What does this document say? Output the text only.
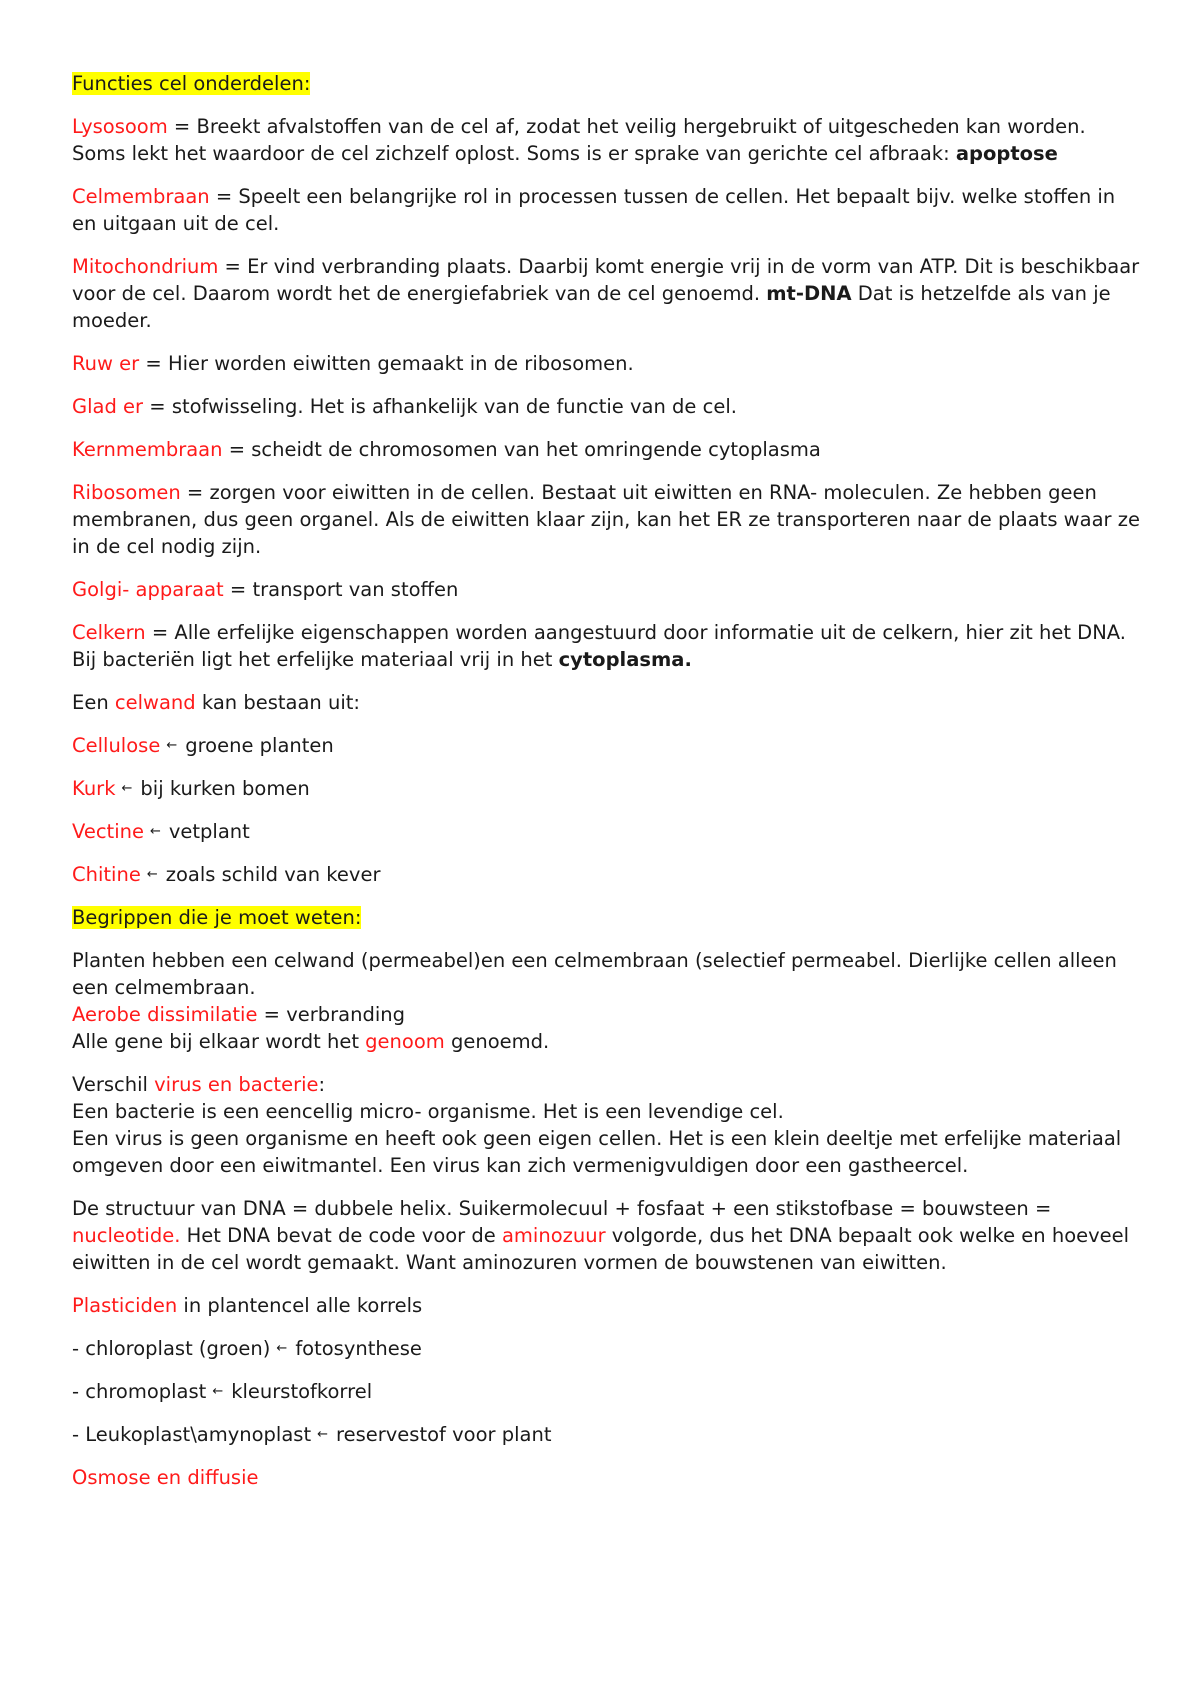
Functies cel onderdelen:

Lysosoom = Breekt afvalstoffen van de cel af, zodat het veilig hergebruikt of uitgescheden kan worden. Soms lekt het waardoor de cel zichzelf oplost. Soms is er sprake van gerichte cel afbraak: apoptose

Celmembraan = Speelt een belangrijke rol in processen tussen de cellen. Het bepaalt bijv. welke stoffen in en uitgaan uit de cel.

Mitochondrium = Er vind verbranding plaats. Daarbij komt energie vrij in de vorm van ATP. Dit is beschikbaar voor de cel. Daarom wordt het de energiefabriek van de cel genoemd. mt-DNA Dat is hetzelfde als van je moeder.

Ruw er = Hier worden eiwitten gemaakt in de ribosomen.

Glad er = stofwisseling. Het is afhankelijk van de functie van de cel.

Kernmembraan = scheidt de chromosomen van het omringende cytoplasma

Ribosomen = zorgen voor eiwitten in de cellen. Bestaat uit eiwitten en RNA- moleculen. Ze hebben geen membranen, dus geen organel. Als de eiwitten klaar zijn, kan het ER ze transporteren naar de plaats waar ze in de cel nodig zijn.

Golgi- apparaat = transport van stoffen

Celkern = Alle erfelijke eigenschappen worden aangestuurd door informatie uit de celkern, hier zit het DNA. Bij bacteriën ligt het erfelijke materiaal vrij in het cytoplasma.

Een celwand kan bestaan uit:

Cellulose ← groene planten

Kurk ← bij kurken bomen

Vectine ← vetplant

Chitine ← zoals schild van kever

Begrippen die je moet weten:

Planten hebben een celwand (permeabel)en een celmembraan (selectief permeabel. Dierlijke cellen alleen een celmembraan.

Aerobe dissimilatie = verbranding

Alle gene bij elkaar wordt het genoom genoemd.

Verschil virus en bacterie:

Een bacterie is een eencellig micro- organisme. Het is een levendige cel.

Een virus is geen organisme en heeft ook geen eigen cellen. Het is een klein deeltje met erfelijke materiaal omgeven door een eiwitmantel. Een virus kan zich vermenigvuldigen door een gastheercel.

De structuur van DNA = dubbele helix. Suikermolecuul + fosfaat + een stikstofbase = bouwsteen = nucleotide. Het DNA bevat de code voor de aminozuur volgorde, dus het DNA bepaalt ook welke en hoeveel eiwitten in de cel wordt gemaakt. Want aminozuren vormen de bouwstenen van eiwitten.

Plasticiden in plantencel alle korrels

- chloroplast (groen) ← fotosynthese

- chromoplast ← kleurstofkorrel

- Leukoplast\amynoplast ← reservestof voor plant

Osmose en diffusie
